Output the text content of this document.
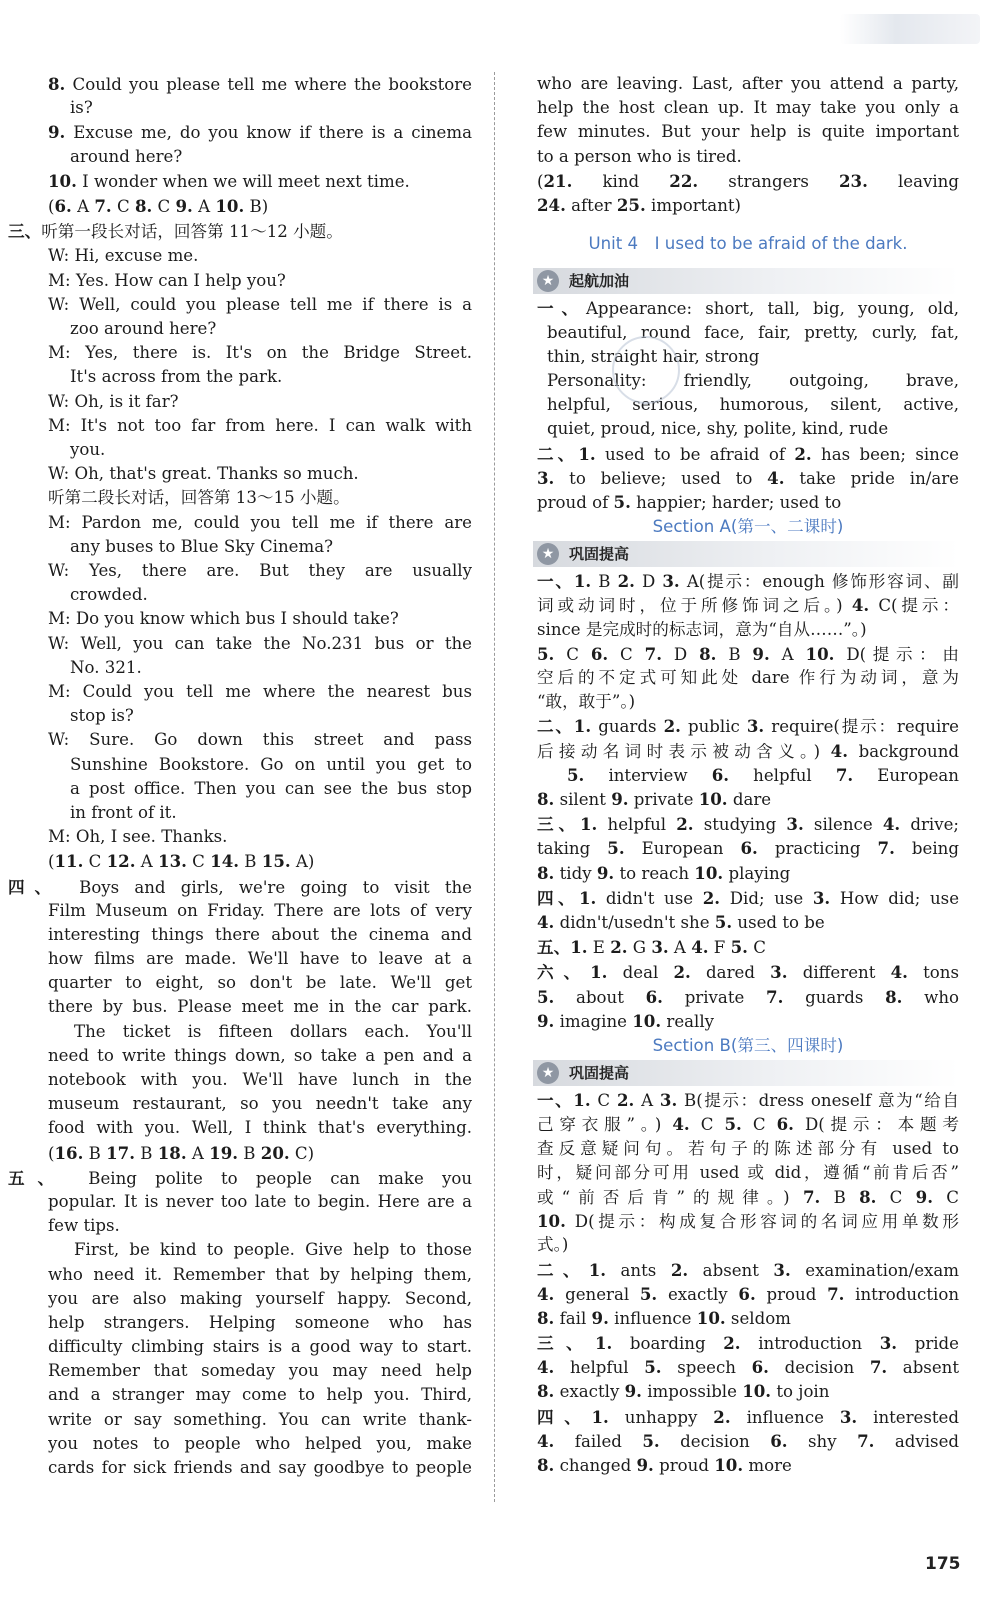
8. Could you please tell me where the bookstore
is?
9. Excuse me, do you know if there is a cinema
around here?
10. I wonder when we will meet next time.
(6. A 7. C 8. C 9. A 10. B)
三、听第一段长对话，回答第 11～12 小题。
W: Hi, excuse me.
M: Yes. How can I help you?
W: Well, could you please tell me if there is a
zoo around here?
M: Yes, there is. It's on the Bridge Street.
It's across from the park.
W: Oh, is it far?
M: It's not too far from here. I can walk with
you.
W: Oh, that's great. Thanks so much.
听第二段长对话，回答第 13～15 小题。
M: Pardon me, could you tell me if there are
any buses to Blue Sky Cinema?
W: Yes, there are. But they are usually
crowded.
M: Do you know which bus I should take?
W: Well, you can take the No.231 bus or the
No. 321.
M: Could you tell me where the nearest bus
stop is?
W: Sure. Go down this street and pass
Sunshine Bookstore. Go on until you get to
a post office. Then you can see the bus stop
in front of it.
M: Oh, I see. Thanks.
(11. C 12. A 13. C 14. B 15. A)
四、　Boys and girls, we're going to visit the
Film Museum on Friday. There are lots of very
interesting things there about the cinema and
how films are made. We'll have to leave at a
quarter to eight, so don't be late. We'll get
there by bus. Please meet me in the car park.
The ticket is fifteen dollars each. You'll
need to write things down, so take a pen and a
notebook with you. We'll have lunch in the
museum restaurant, so you needn't take any
food with you. Well, I think that's everything.
(16. B 17. B 18. A 19. B 20. C)
五、　Being polite to people can make you
popular. It is never too late to begin. Here are a
few tips.
First, be kind to people. Give help to those
who need it. Remember that by helping them,
you are also making yourself happy. Second,
help strangers. Helping someone who has
difficulty climbing stairs is a good way to start.
Remember that someday you may need help
and a stranger may come to help you. Third,
write or say something. You can write thank-
you notes to people who helped you, make
cards for sick friends and say goodbye to people
who are leaving. Last, after you attend a party,
help the host clean up. It may take you only a
few minutes. But your help is quite important
to a person who is tired.
(21. kind 22. strangers 23. leaving
24. after 25. important)
Unit 4　I used to be afraid of the dark.
★ 起航加油
一、Appearance: short, tall, big, young, old,
beautiful, round face, fair, pretty, curly, fat,
thin, straight hair, strong
Personality: friendly, outgoing, brave,
helpful, serious, humorous, silent, active,
quiet, proud, nice, shy, polite, kind, rude
二、1. used to be afraid of 2. has been; since
3. to believe; used to 4. take pride in/are
proud of 5. happier; harder; used to
Section A(第一、二课时)
★ 巩固提高
一、1. B 2. D 3. A(提示：enough 修饰形容词、副
词或动词时，位于所修饰词之后。) 4. C(提示：
since 是完成时的标志词，意为“自从……”。)
5. C 6. C 7. D 8. B 9. A 10. D(提示：由
空后的不定式可知此处 dare 作行为动词，意为
“敢，敢于”。)
二、1. guards 2. public 3. require(提示：require
后接动名词时表示被动含义。) 4. background
5. interview 6. helpful 7. European
8. silent 9. private 10. dare
三、1. helpful 2. studying 3. silence 4. drive;
taking 5. European 6. practicing 7. being
8. tidy 9. to reach 10. playing
四、1. didn't use 2. Did; use 3. How did; use
4. didn't/usedn't she 5. used to be
五、1. E 2. G 3. A 4. F 5. C
六、1. deal 2. dared 3. different 4. tons
5. about 6. private 7. guards 8. who
9. imagine 10. really
Section B(第三、四课时)
★ 巩固提高
一、1. C 2. A 3. B(提示：dress oneself 意为“给自
己穿衣服”。) 4. C 5. C 6. D(提示：本题考
查反意疑问句。若句子的陈述部分有 used to
时，疑问部分可用 used 或 did，遵循“前肯后否”
或“前否后肯”的规律。) 7. B 8. C 9. C
10. D(提示：构成复合形容词的名词应用单数形
式。)
二、1. ants 2. absent 3. examination/exam
4. general 5. exactly 6. proud 7. introduction
8. fail 9. influence 10. seldom
三、1. boarding 2. introduction 3. pride
4. helpful 5. speech 6. decision 7. absent
8. exactly 9. impossible 10. to join
四、1. unhappy 2. influence 3. interested
4. failed 5. decision 6. shy 7. advised
8. changed 9. proud 10. more
175
